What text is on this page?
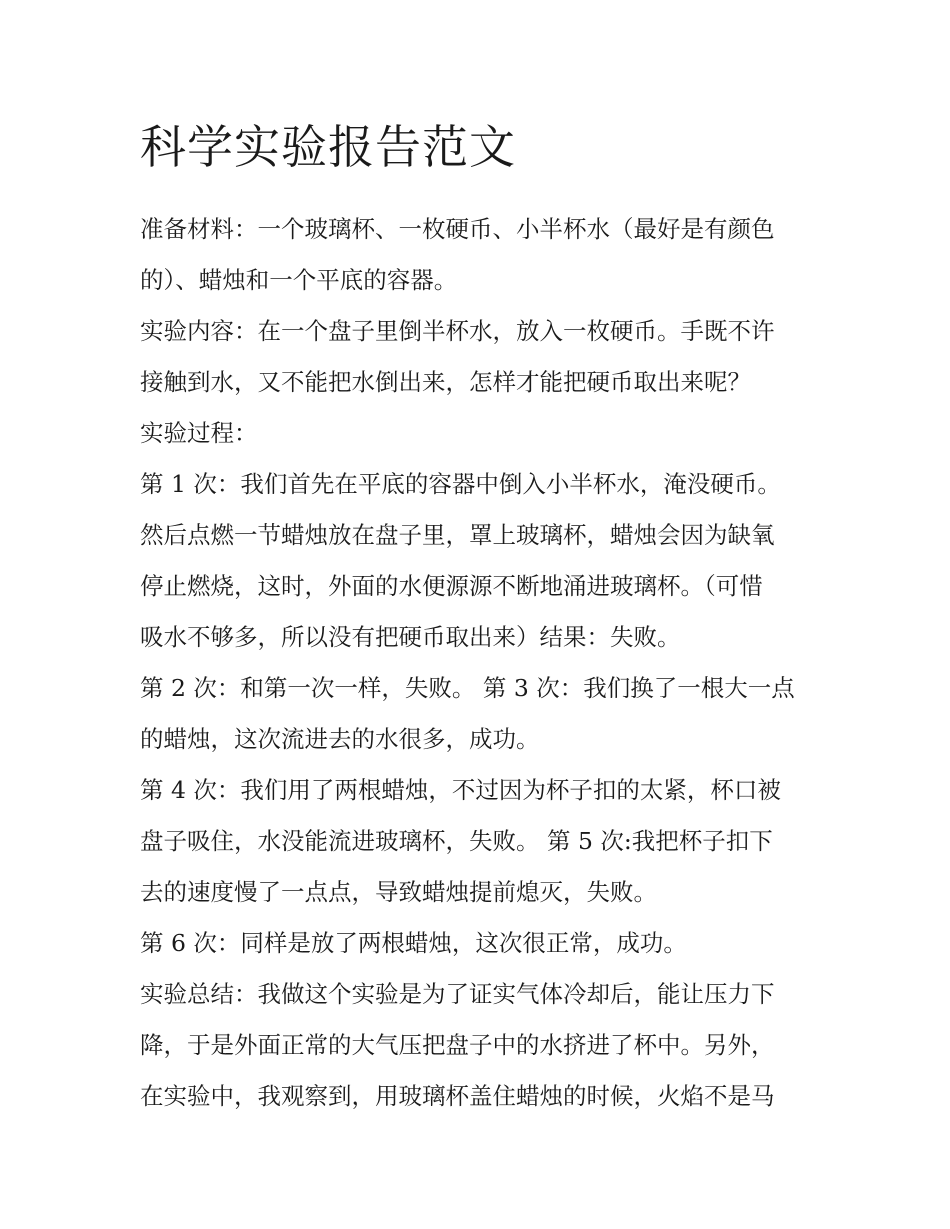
科学实验报告范文

准备材料：一个玻璃杯、一枚硬币、小半杯水（最好是有颜色

的）、蜡烛和一个平底的容器。

实验内容：在一个盘子里倒半杯水，放入一枚硬币。手既不许

接触到水，又不能把水倒出来，怎样才能把硬币取出来呢？

实验过程：

第 1 次：我们首先在平底的容器中倒入小半杯水，淹没硬币。

然后点燃一节蜡烛放在盘子里，罩上玻璃杯，蜡烛会因为缺氧

停止燃烧，这时，外面的水便源源不断地涌进玻璃杯。（可惜

吸水不够多，所以没有把硬币取出来）结果：失败。

第 2 次：和第一次一样，失败。 第 3 次：我们换了一根大一点

的蜡烛，这次流进去的水很多，成功。

第 4 次：我们用了两根蜡烛，不过因为杯子扣的太紧，杯口被

盘子吸住，水没能流进玻璃杯，失败。 第 5 次:我把杯子扣下

去的速度慢了一点点，导致蜡烛提前熄灭，失败。

第 6 次：同样是放了两根蜡烛，这次很正常，成功。

实验总结：我做这个实验是为了证实气体冷却后，能让压力下

降，于是外面正常的大气压把盘子中的水挤进了杯中。另外，

在实验中，我观察到，用玻璃杯盖住蜡烛的时候，火焰不是马
